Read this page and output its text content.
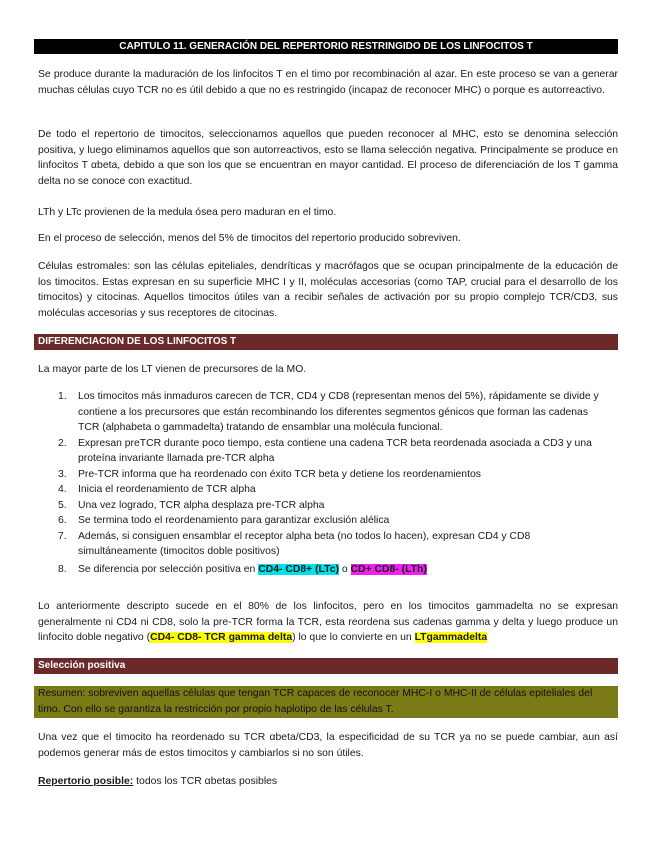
CAPITULO 11. GENERACIÓN DEL REPERTORIO RESTRINGIDO DE LOS LINFOCITOS T

Se produce durante la maduración de los linfocitos T en el timo por recombinación al azar. En este proceso se van a generar muchas células cuyo TCR no es útil debido a que no es restringido (incapaz de reconocer MHC) o porque es autorreactivo.

De todo el repertorio de timocitos, seleccionamos aquellos que pueden reconocer al MHC, esto se denomina selección positiva, y luego eliminamos aquellos que son autorreactivos, esto se llama selección negativa. Principalmente se produce en linfocitos T αbeta, debido a que son los que se encuentran en mayor cantidad. El proceso de diferenciación de los T gamma delta no se conoce con exactitud.

LTh y LTc provienen de la medula ósea pero maduran en el timo.

En el proceso de selección, menos del 5% de timocitos del repertorio producido sobreviven.

Células estromales: son las células epiteliales, dendríticas y macrófagos que se ocupan principalmente de la educación de los timocitos. Estas expresan en su superficie MHC I y II, moléculas accesorias (como TAP, crucial para el desarrollo de los timocitos) y citocinas. Aquellos timocitos útiles van a recibir señales de activación por su propio complejo TCR/CD3, sus moléculas accesorias y sus receptores de citocinas.

DIFERENCIACION DE LOS LINFOCITOS T

La mayor parte de los LT vienen de precursores de la MO.

1. Los timocitos más inmaduros carecen de TCR, CD4 y CD8 (representan menos del 5%), rápidamente se divide y contiene a los precursores que están recombinando los diferentes segmentos génicos que forman las cadenas TCR (alphabeta o gammadelta) tratando de ensamblar una molécula funcional.
2. Expresan preTCR durante poco tiempo, esta contiene una cadena TCR beta reordenada asociada a CD3 y una proteína invariante llamada pre-TCR alpha
3. Pre-TCR informa que ha reordenado con éxito TCR beta y detiene los reordenamientos
4. Inicia el reordenamiento de TCR alpha
5. Una vez logrado, TCR alpha desplaza pre-TCR alpha
6. Se termina todo el reordenamiento para garantizar exclusión alélica
7. Además, si consiguen ensamblar el receptor alpha beta (no todos lo hacen), expresan CD4 y CD8 simultáneamente (timocitos doble positivos)
8. Se diferencia por selección positiva en CD4- CD8+ (LTc) o CD+ CD8- (LTh)

Lo anteriormente descripto sucede en el 80% de los linfocitos, pero en los timocitos gammadelta no se expresan generalmente ni CD4 ni CD8, solo la pre-TCR forma la TCR, esta reordena sus cadenas gamma y delta y luego produce un linfocito doble negativo (CD4- CD8- TCR gamma delta) lo que lo convierte en un LTgammadelta

Selección positiva
Resumen: sobreviven aquellas células que tengan TCR capaces de reconocer MHC-I o MHC-II de células epiteliales del timo. Con ello se garantiza la restricción por propio haplotipo de las células T.

Una vez que el timocito ha reordenado su TCR αbeta/CD3, la especificidad de su TCR ya no se puede cambiar, aun así podemos generar más de estos timocitos y cambiarlos si no son útiles.

Repertorio posible: todos los TCR αbetas posibles
